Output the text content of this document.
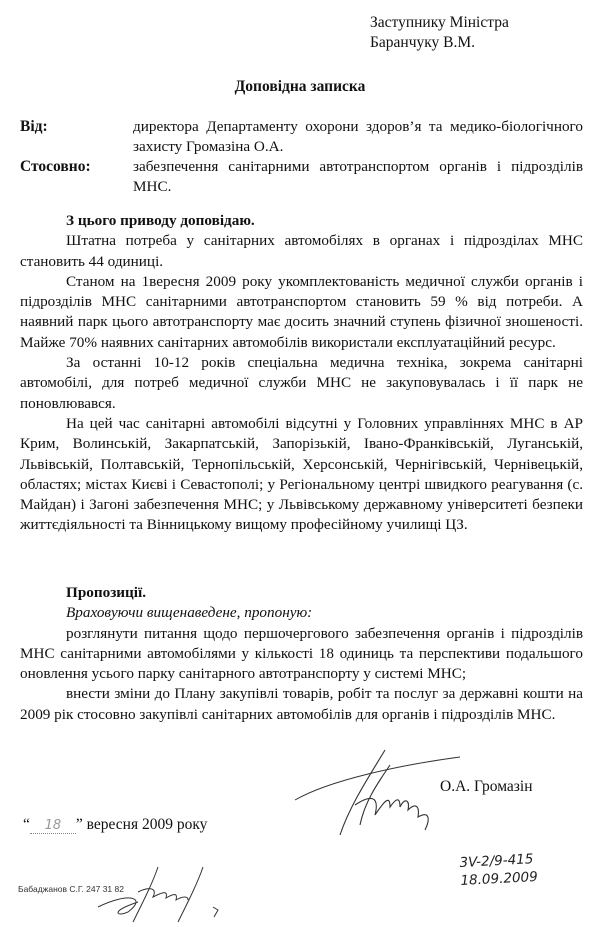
Заступнику Міністра
Баранчуку В.М.
Доповідна записка
Від:	директора Департаменту охорони здоров’я та медико-біологічного захисту Громазіна О.А.
Стосовно:	забезпечення санітарними автотранспортом органів і підрозділів МНС.
З цього приводу доповідаю.

Штатна потреба у санітарних автомобілях в органах і підрозділах МНС становить 44 одиниці.

Станом на 1вересня 2009 року укомплектованість медичної служби органів і підрозділів МНС санітарними автотранспортом становить 59 % від потреби. А наявний парк цього автотранспорту має досить значний ступень фізичної зношеності. Майже 70% наявних санітарних автомобілів використали експлуатаційний ресурс.

За останні 10-12 років спеціальна медична техніка, зокрема санітарні автомобілі, для потреб медичної служби МНС не закуповувалась і її парк не поновлювався.

На цей час санітарні автомобілі відсутні у Головних управліннях МНС в АР Крим, Волинській, Закарпатській, Запорізькій, Івано-Франківській, Луганській, Львівській, Полтавській, Тернопільській, Херсонській, Чернігівській, Чернівецькій, областях; містах Києві і Севастополі; у Регіональному центрі швидкого реагування (с. Майдан) і Загоні забезпечення МНС; у Львівському державному університеті безпеки життєдіяльності та Вінницькому вищому професійному училищі ЦЗ.

Пропозиції.
Враховуючи вищенаведене, пропоную:

розглянути питання щодо першочергового забезпечення органів і підрозділів МНС санітарними автомобілями у кількості 18 одиниць та перспективи подальшого оновлення усього парку санітарного автотранспорту у системі МНС;

внести зміни до Плану закупівлі товарів, робіт та послуг за державні кошти на 2009 рік стосовно закупівлі санітарних автомобілів для органів і підрозділів МНС.

О.А. Громазін
“ 18 ” вересня 2009 року
Бабаджанов С.Г. 247 31 82
3V-2/9-415
18.09.2009
